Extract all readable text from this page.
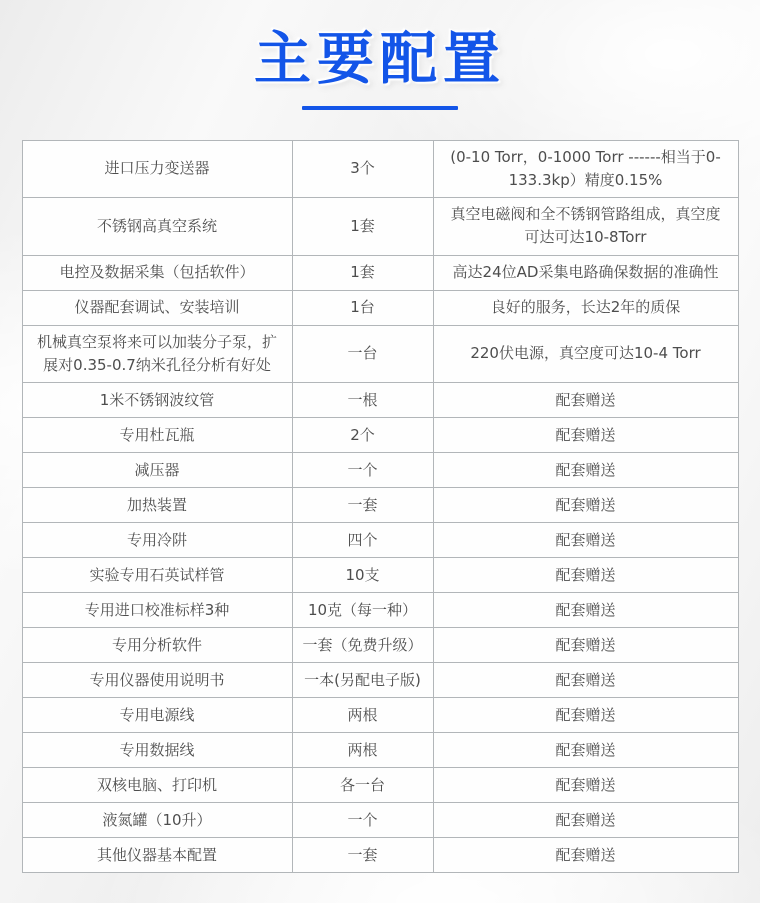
主要配置
进口压力变送器	3个	(0-10 Torr，0-1000 Torr ------相当于0-133.3kp）精度0.15%
不锈钢高真空系统	1套	真空电磁阀和全不锈钢管路组成，真空度可达可达10-8Torr
电控及数据采集（包括软件）	1套	高达24位AD采集电路确保数据的准确性
仪器配套调试、安装培训	1台	良好的服务，长达2年的质保
机械真空泵将来可以加装分子泵，扩展对0.35-0.7纳米孔径分析有好处	一台	220伏电源，真空度可达10-4 Torr
1米不锈钢波纹管	一根	配套赠送
专用杜瓦瓶	2个	配套赠送
减压器	一个	配套赠送
加热装置	一套	配套赠送
专用冷阱	四个	配套赠送
实验专用石英试样管	10支	配套赠送
专用进口校准标样3种	10克（每一种）	配套赠送
专用分析软件	一套（免费升级）	配套赠送
专用仪器使用说明书	一本(另配电子版)	配套赠送
专用电源线	两根	配套赠送
专用数据线	两根	配套赠送
双核电脑、打印机	各一台	配套赠送
液氮罐（10升）	一个	配套赠送
其他仪器基本配置	一套	配套赠送
